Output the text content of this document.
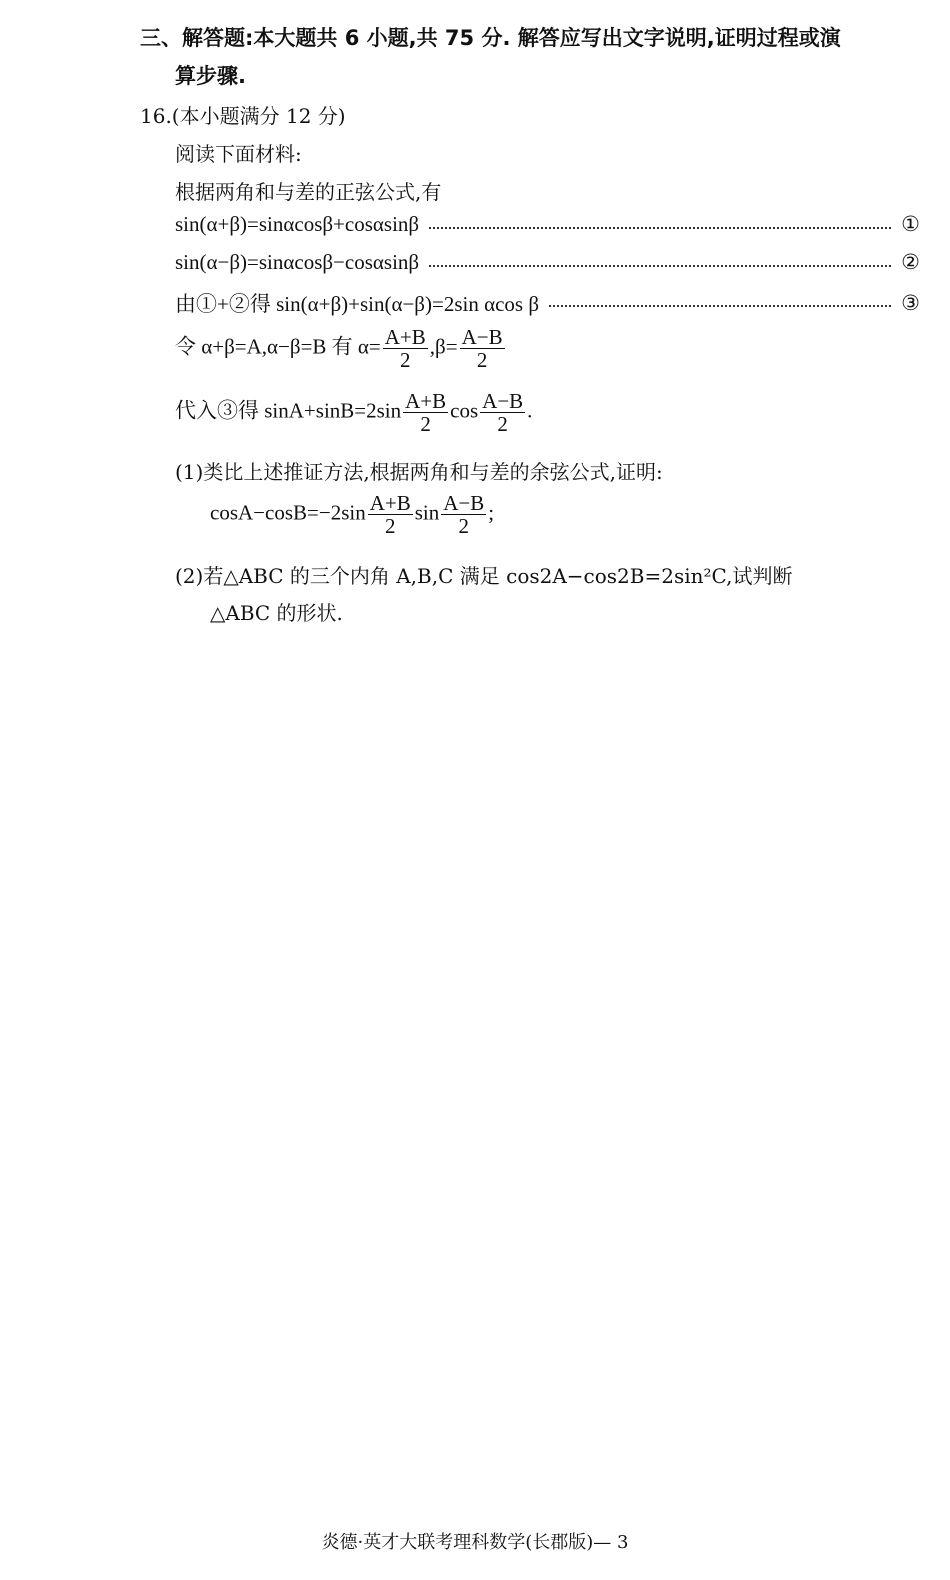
三、解答题:本大题共 6 小题,共 75 分. 解答应写出文字说明,证明过程或演
算步骤.
16.(本小题满分 12 分)
阅读下面材料:
根据两角和与差的正弦公式,有
sin(α+β)=sinαcosβ+cosαsinβ	①
sin(α−β)=sinαcosβ−cosαsinβ	②
由①+②得 sin(α+β)+sin(α−β)=2sin αcos β	③
令 α+β=A,α−β=B 有 $\alpha= \frac{A+B}{2} ,\beta= \frac{A-B}{2}$
代入③得 $\sin A+\sin B=2\sin \frac{A+B}{2}$ $\cos \frac{A-B}{2}$ .
(1)类比上述推证方法,根据两角和与差的余弦公式,证明:
$\cos A-\cos B=-2\sin \frac{A+B}{2}$ $\sin \frac{A-B}{2}$ ;
(2)若△ABC 的三个内角 A,B,C 满足 cos2A−cos2B=2sin²C,试判断
△ABC 的形状.
炎德·英才大联考理科数学(长郡版)— 3
